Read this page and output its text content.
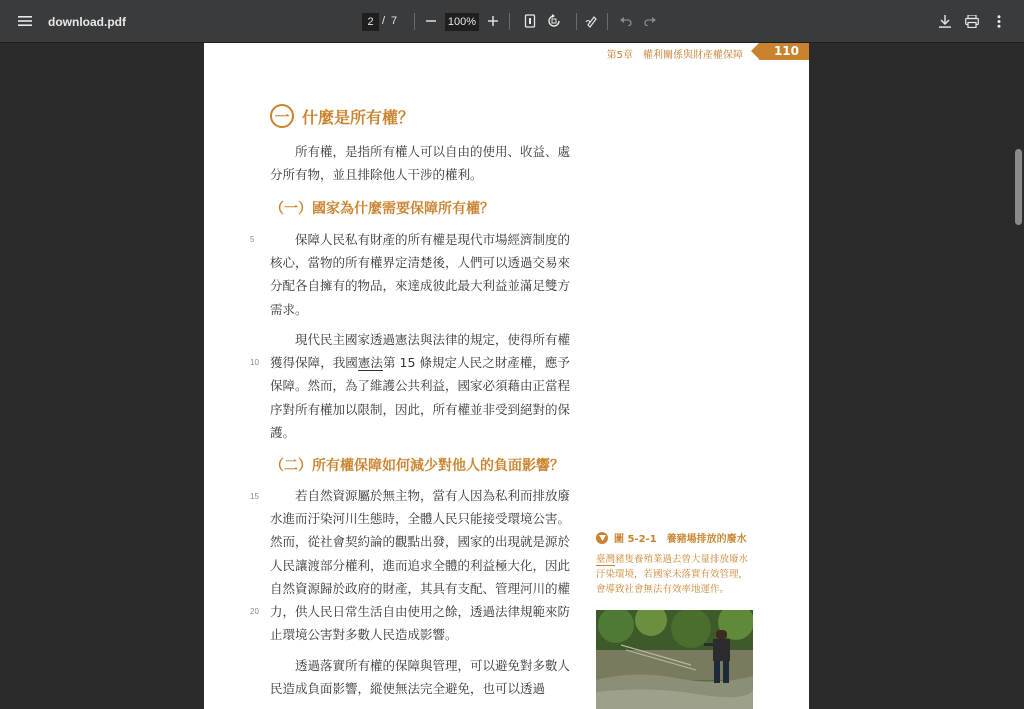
download.pdf
2	/ 7
100%
第5章　權利關係與財產權保障	110
一 什麼是所有權？
所有權，是指所有權人可以自由的使用、收益、處分所有物，並且排除他人干涉的權利。
（一）國家為什麼需要保障所有權？
5	保障人民私有財產的所有權是現代市場經濟制度的核心，當物的所有權界定清楚後，人們可以透過交易來分配各自擁有的物品，來達成彼此最大利益並滿足雙方需求。
10
現代民主國家透過憲法與法律的規定，使得所有權獲得保障，我國憲法第 15 條規定人民之財產權，應予保障。然而，為了維護公共利益，國家必須藉由正當程序對所有權加以限制，因此，所有權並非受到絕對的保護。
（二）所有權保障如何減少對他人的負面影響？
15	若自然資源屬於無主物，當有人因為私利而排放廢水進而汙染河川生態時，全體人民只能接受環境公害。然而，從社會契約論的觀點出發，國家的出現就是源於人民讓渡部分權利，進而追求全體的利益極大化，因此自然資源歸於政府的財產，其具有支配、管理河川的權力，供人民日常生活自由使用之餘，透過法律規範來防止環境公害對多數人民造成影響。
20
透過落實所有權的保障與管理，可以避免對多數人民造成負面影響，縱使無法完全避免，也可以透過
圖 5-2-1　養豬場排放的廢水
臺灣豬隻養殖業過去曾大量排放廢水汙染環境，若國家未落實有效管理，會導致社會無法有效率地運作。
